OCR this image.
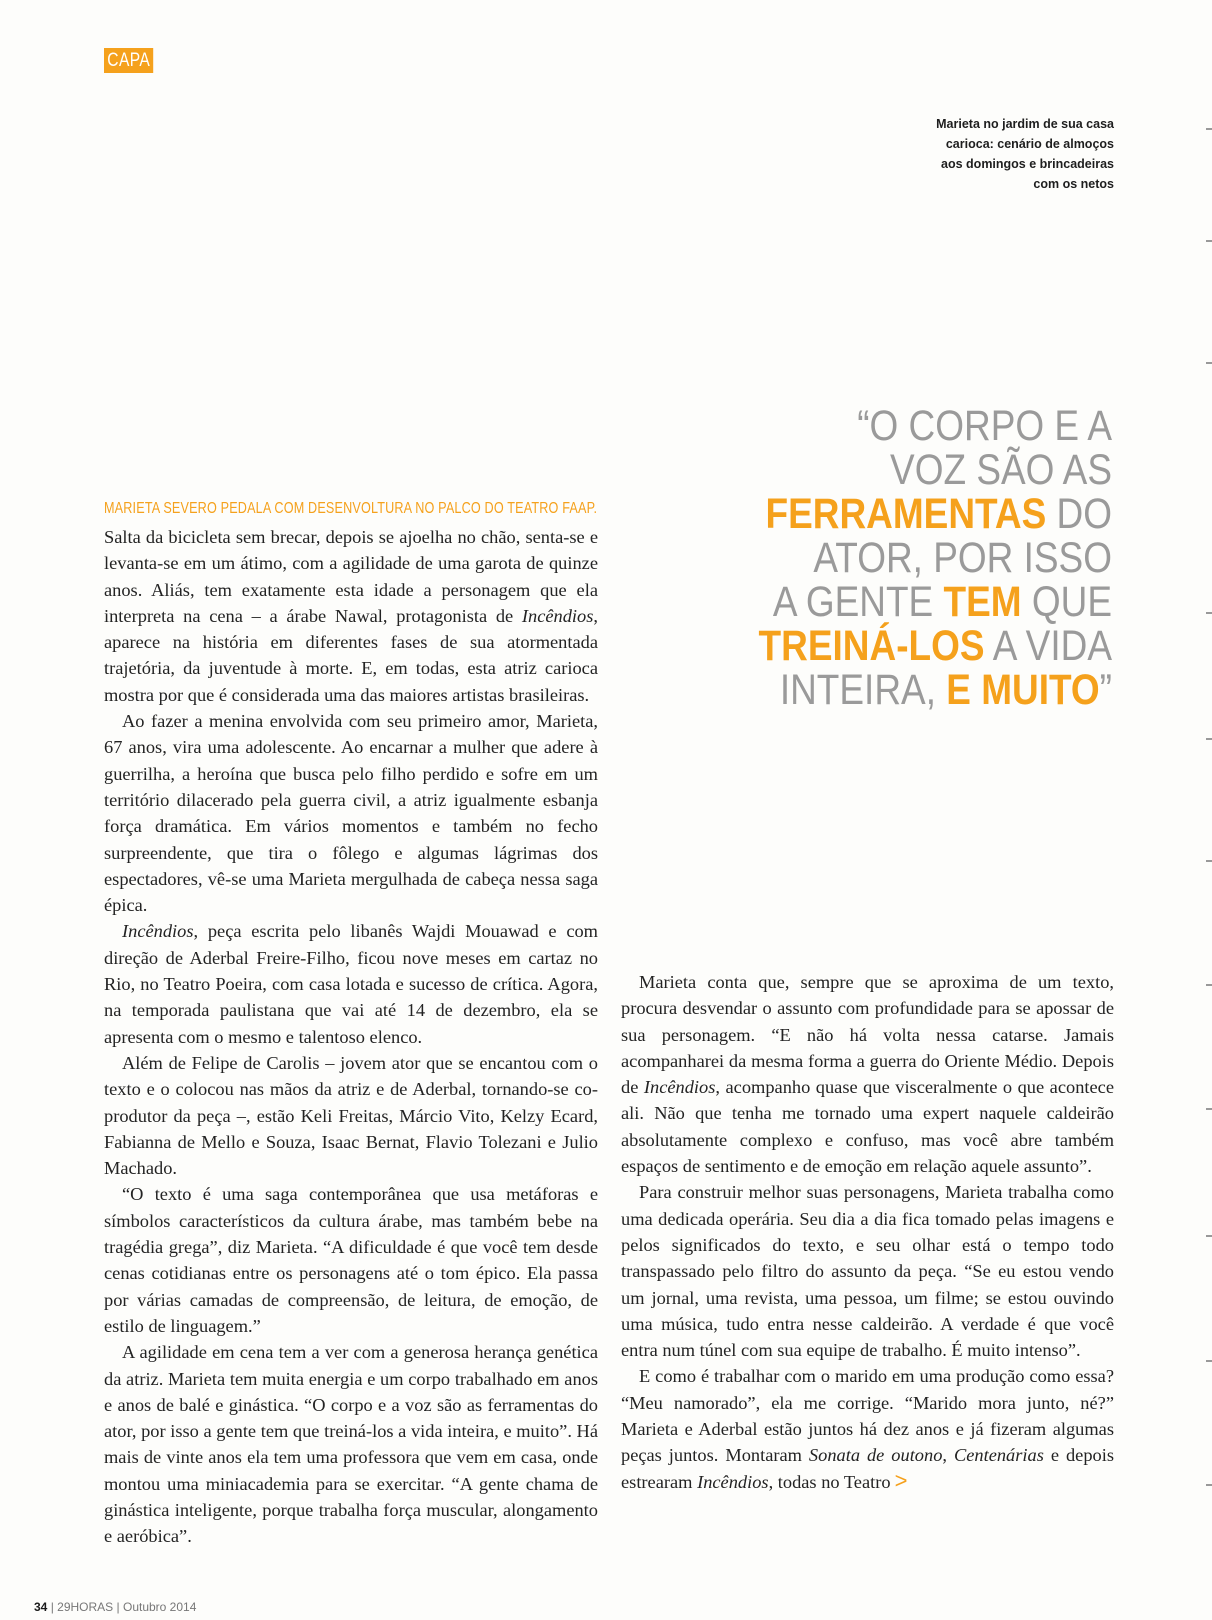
CAPA
Marieta no jardim de sua casa carioca: cenário de almoços aos domingos e brincadeiras com os netos
“O CORPO E A
VOZ SÃO AS
FERRAMENTAS DO
ATOR, POR ISSO
A GENTE TEM QUE
TREINÁ-LOS A VIDA
INTEIRA, E MUITO”
MARIETA SEVERO PEDALA COM DESENVOLTURA NO PALCO DO TEATRO FAAP.

Salta da bicicleta sem brecar, depois se ajoelha no chão, senta-se e levanta-se em um átimo, com a agilidade de uma garota de quinze anos. Aliás, tem exatamente esta idade a personagem que ela interpreta na cena – a árabe Nawal, protagonista de Incêndios, aparece na história em diferentes fases de sua atormentada trajetória, da juventude à morte. E, em todas, esta atriz carioca mostra por que é considerada uma das maiores artistas brasileiras.

Ao fazer a menina envolvida com seu primeiro amor, Marieta, 67 anos, vira uma adolescente. Ao encarnar a mulher que adere à guerrilha, a heroína que busca pelo filho perdido e sofre em um território dilacerado pela guerra civil, a atriz igualmente esbanja força dramática. Em vários momentos e também no fecho surpreendente, que tira o fôlego e algumas lágrimas dos espectadores, vê-se uma Marieta mergulhada de cabeça nessa saga épica.

Incêndios, peça escrita pelo libanês Wajdi Mouawad e com direção de Aderbal Freire-Filho, ficou nove meses em cartaz no Rio, no Teatro Poeira, com casa lotada e sucesso de crítica. Agora, na temporada paulistana que vai até 14 de dezembro, ela se apresenta com o mesmo e talentoso elenco.

Além de Felipe de Carolis – jovem ator que se encantou com o texto e o colocou nas mãos da atriz e de Aderbal, tornando-se co-produtor da peça –, estão Keli Freitas, Márcio Vito, Kelzy Ecard, Fabianna de Mello e Souza, Isaac Bernat, Flavio Tolezani e Julio Machado.

“O texto é uma saga contemporânea que usa metáforas e símbolos característicos da cultura árabe, mas também bebe na tragédia grega”, diz Marieta. “A dificuldade é que você tem desde cenas cotidianas entre os personagens até o tom épico. Ela passa por várias camadas de compreensão, de leitura, de emoção, de estilo de linguagem.”

A agilidade em cena tem a ver com a generosa herança genética da atriz. Marieta tem muita energia e um corpo trabalhado em anos e anos de balé e ginástica. “O corpo e a voz são as ferramentas do ator, por isso a gente tem que treiná-los a vida inteira, e muito”. Há mais de vinte anos ela tem uma professora que vem em casa, onde montou uma miniacademia para se exercitar. “A gente chama de ginástica inteligente, porque trabalha força muscular, alongamento e aeróbica”.

Marieta conta que, sempre que se aproxima de um texto, procura desvendar o assunto com profundidade para se apossar de sua personagem. “E não há volta nessa catarse. Jamais acompanharei da mesma forma a guerra do Oriente Médio. Depois de Incêndios, acompanho quase que visceralmente o que acontece ali. Não que tenha me tornado uma expert naquele caldeirão absolutamente complexo e confuso, mas você abre também espaços de sentimento e de emoção em relação aquele assunto”.

Para construir melhor suas personagens, Marieta trabalha como uma dedicada operária. Seu dia a dia fica tomado pelas imagens e pelos significados do texto, e seu olhar está o tempo todo transpassado pelo filtro do assunto da peça. “Se eu estou vendo um jornal, uma revista, uma pessoa, um filme; se estou ouvindo uma música, tudo entra nesse caldeirão. A verdade é que você entra num túnel com sua equipe de trabalho. É muito intenso”.

E como é trabalhar com o marido em uma produção como essa? “Meu namorado”, ela me corrige. “Marido mora junto, né?” Marieta e Aderbal estão juntos há dez anos e já fizeram algumas peças juntos. Montaram Sonata de outono, Centenárias e depois estrearam Incêndios, todas no Teatro >

34 | 29HORAS | Outubro 2014
